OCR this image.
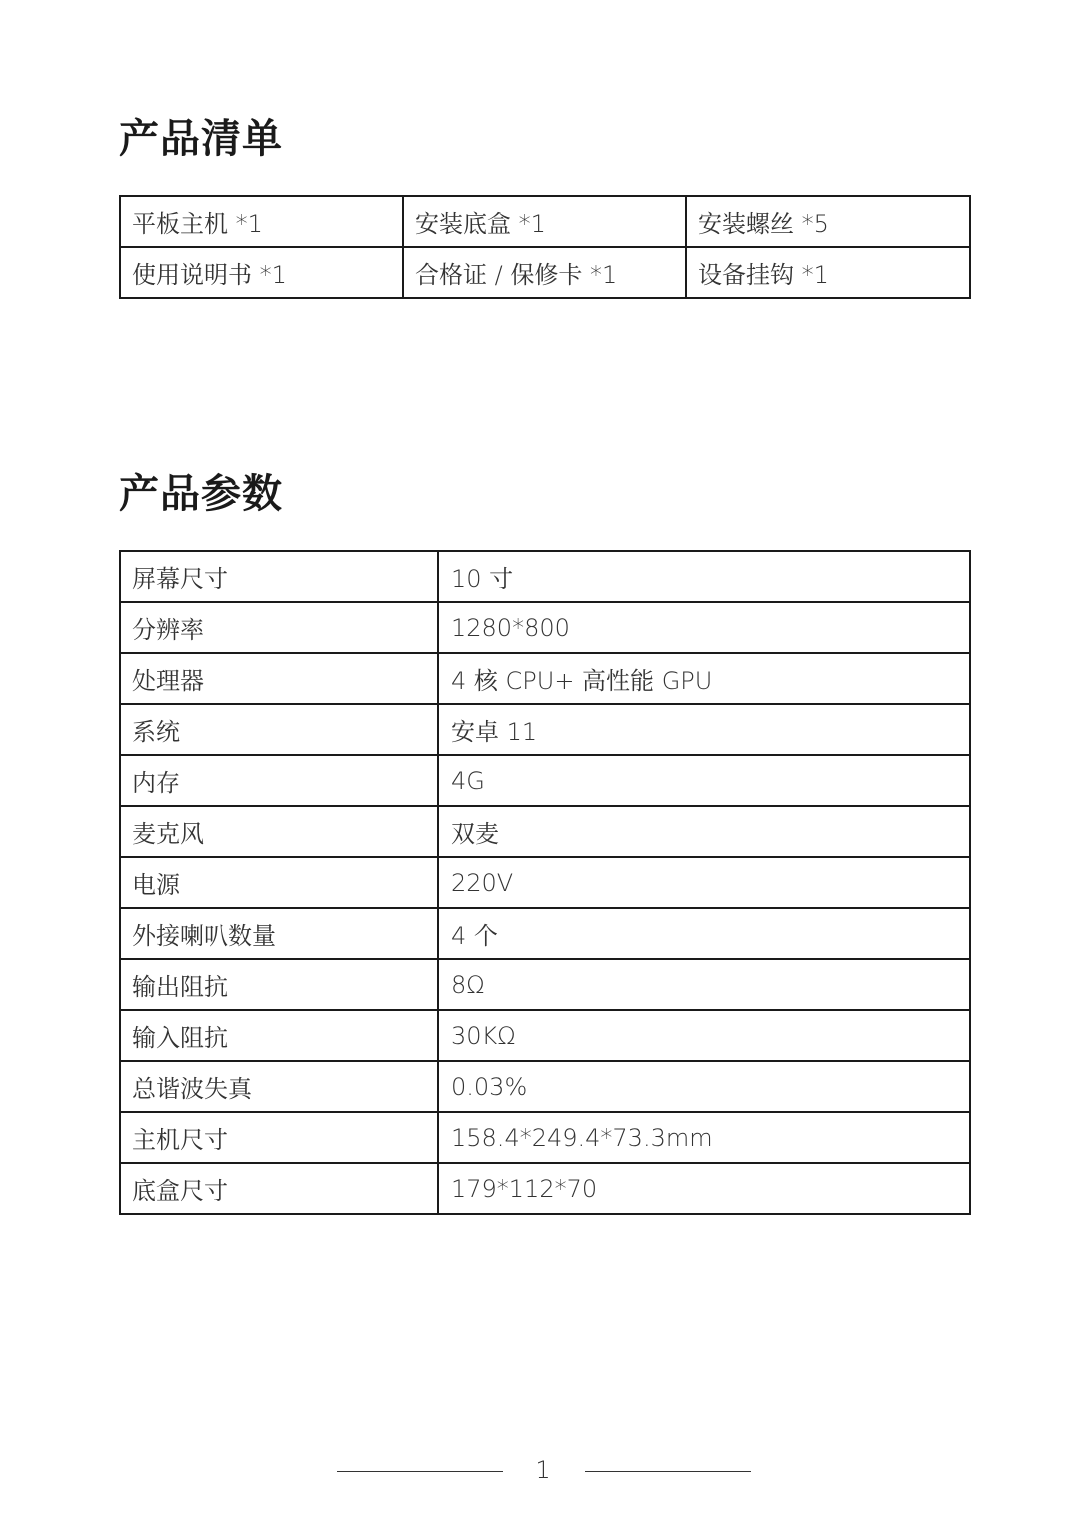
产品清单
平板主机 *1	安装底盒 *1	安装螺丝 *5
使用说明书 *1	合格证 / 保修卡 *1	设备挂钩 *1
产品参数
屏幕尺寸	10 寸
分辨率	1280*800
处理器	4 核 CPU+ 高性能 GPU
系统	安卓 11
内存	4G
麦克风	双麦
电源	220V
外接喇叭数量	4 个
输出阻抗	8Ω
输入阻抗	30KΩ
总谐波失真	0.03%
主机尺寸	158.4*249.4*73.3mm
底盒尺寸	179*112*70
1
